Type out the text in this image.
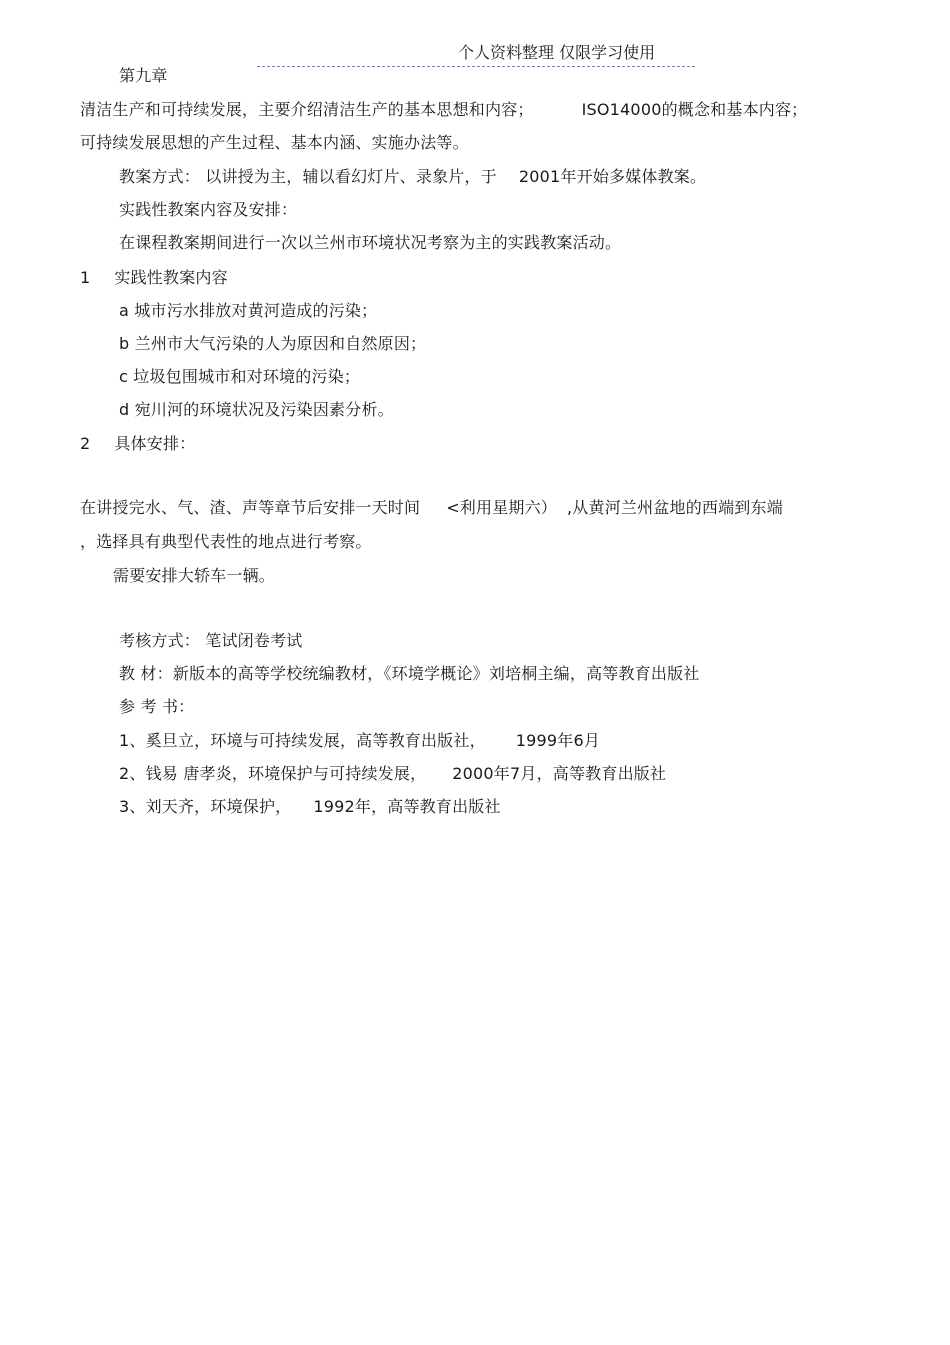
个人资料整理 仅限学习使用
第九章
清洁生产和可持续发展，主要介绍清洁生产的基本思想和内容；	ISO14000的概念和基本内容；
可持续发展思想的产生过程、基本内涵、实施办法等。
教案方式： 以讲授为主，辅以看幻灯片、录象片，于 2001年开始多媒体教案。
实践性教案内容及安排：
在课程教案期间进行一次以兰州市环境状况考察为主的实践教案活动。
1 实践性教案内容
a 城市污水排放对黄河造成的污染；
b 兰州市大气污染的人为原因和自然原因；
c 垃圾包围城市和对环境的污染；
d 宛川河的环境状况及污染因素分析。
2 具体安排：
在讲授完水、气、渣、声等章节后安排一天时间 <利用星期六） ,从黄河兰州盆地的西端到东端
，选择具有典型代表性的地点进行考察。
需要安排大轿车一辆。
考核方式： 笔试闭卷考试
教 材：新版本的高等学校统编教材，《环境学概论》刘培桐主编，高等教育出版社
参 考 书：
1、奚旦立，环境与可持续发展，高等教育出版社， 1999年6月
2、钱易 唐孝炎，环境保护与可持续发展， 2000年7月，高等教育出版社
3、刘天齐，环境保护， 1992年，高等教育出版社
